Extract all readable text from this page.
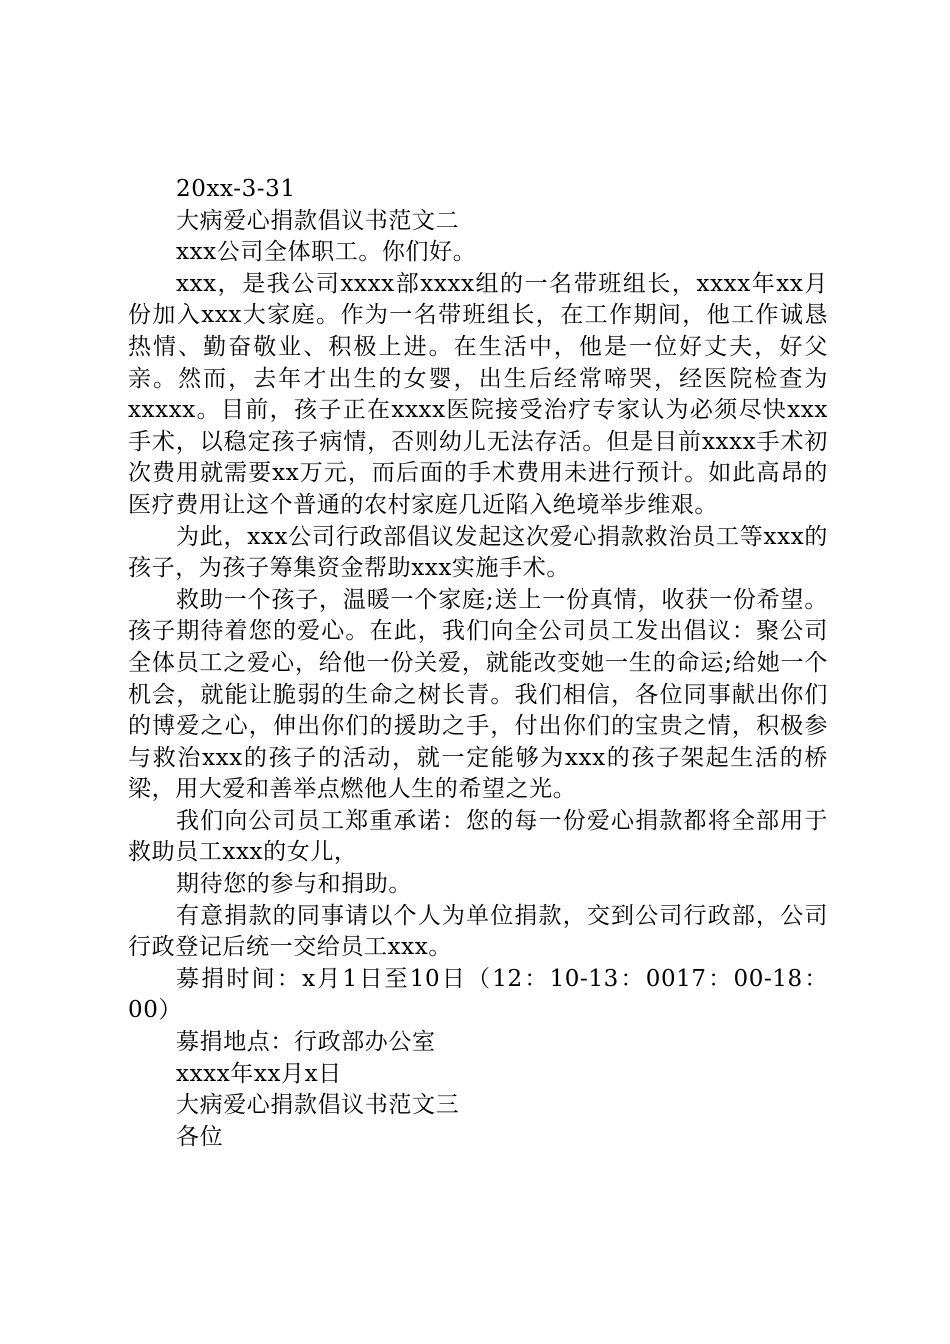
20xx-3-31
大病爱心捐款倡议书范文二
xxx公司全体职工。你们好。

xxx，是我公司xxxx部xxxx组的一名带班组长，xxxx年xx月份加入xxx大家庭。作为一名带班组长，在工作期间，他工作诚恳热情、勤奋敬业、积极上进。在生活中，他是一位好丈夫，好父亲。然而，去年才出生的女婴，出生后经常啼哭，经医院检查为xxxxx。目前，孩子正在xxxx医院接受治疗专家认为必须尽快xxx手术，以稳定孩子病情，否则幼儿无法存活。但是目前xxxx手术初次费用就需要xx万元，而后面的手术费用未进行预计。如此高昂的医疗费用让这个普通的农村家庭几近陷入绝境举步维艰。

为此，xxx公司行政部倡议发起这次爱心捐款救治员工等xxx的孩子，为孩子筹集资金帮助xxx实施手术。

救助一个孩子，温暖一个家庭;送上一份真情，收获一份希望。孩子期待着您的爱心。在此，我们向全公司员工发出倡议：聚公司全体员工之爱心，给他一份关爱，就能改变她一生的命运;给她一个机会，就能让脆弱的生命之树长青。我们相信，各位同事献出你们的博爱之心，伸出你们的援助之手，付出你们的宝贵之情，积极参与救治xxx的孩子的活动，就一定能够为xxx的孩子架起生活的桥梁，用大爱和善举点燃他人生的希望之光。

我们向公司员工郑重承诺：您的每一份爱心捐款都将全部用于救助员工xxx的女儿，

期待您的参与和捐助。

有意捐款的同事请以个人为单位捐款，交到公司行政部，公司行政登记后统一交给员工xxx。

募捐时间：x月1日至10日（12：10-13：0017：00-18：00）

募捐地点：行政部办公室
xxxx年xx月x日
大病爱心捐款倡议书范文三
各位
